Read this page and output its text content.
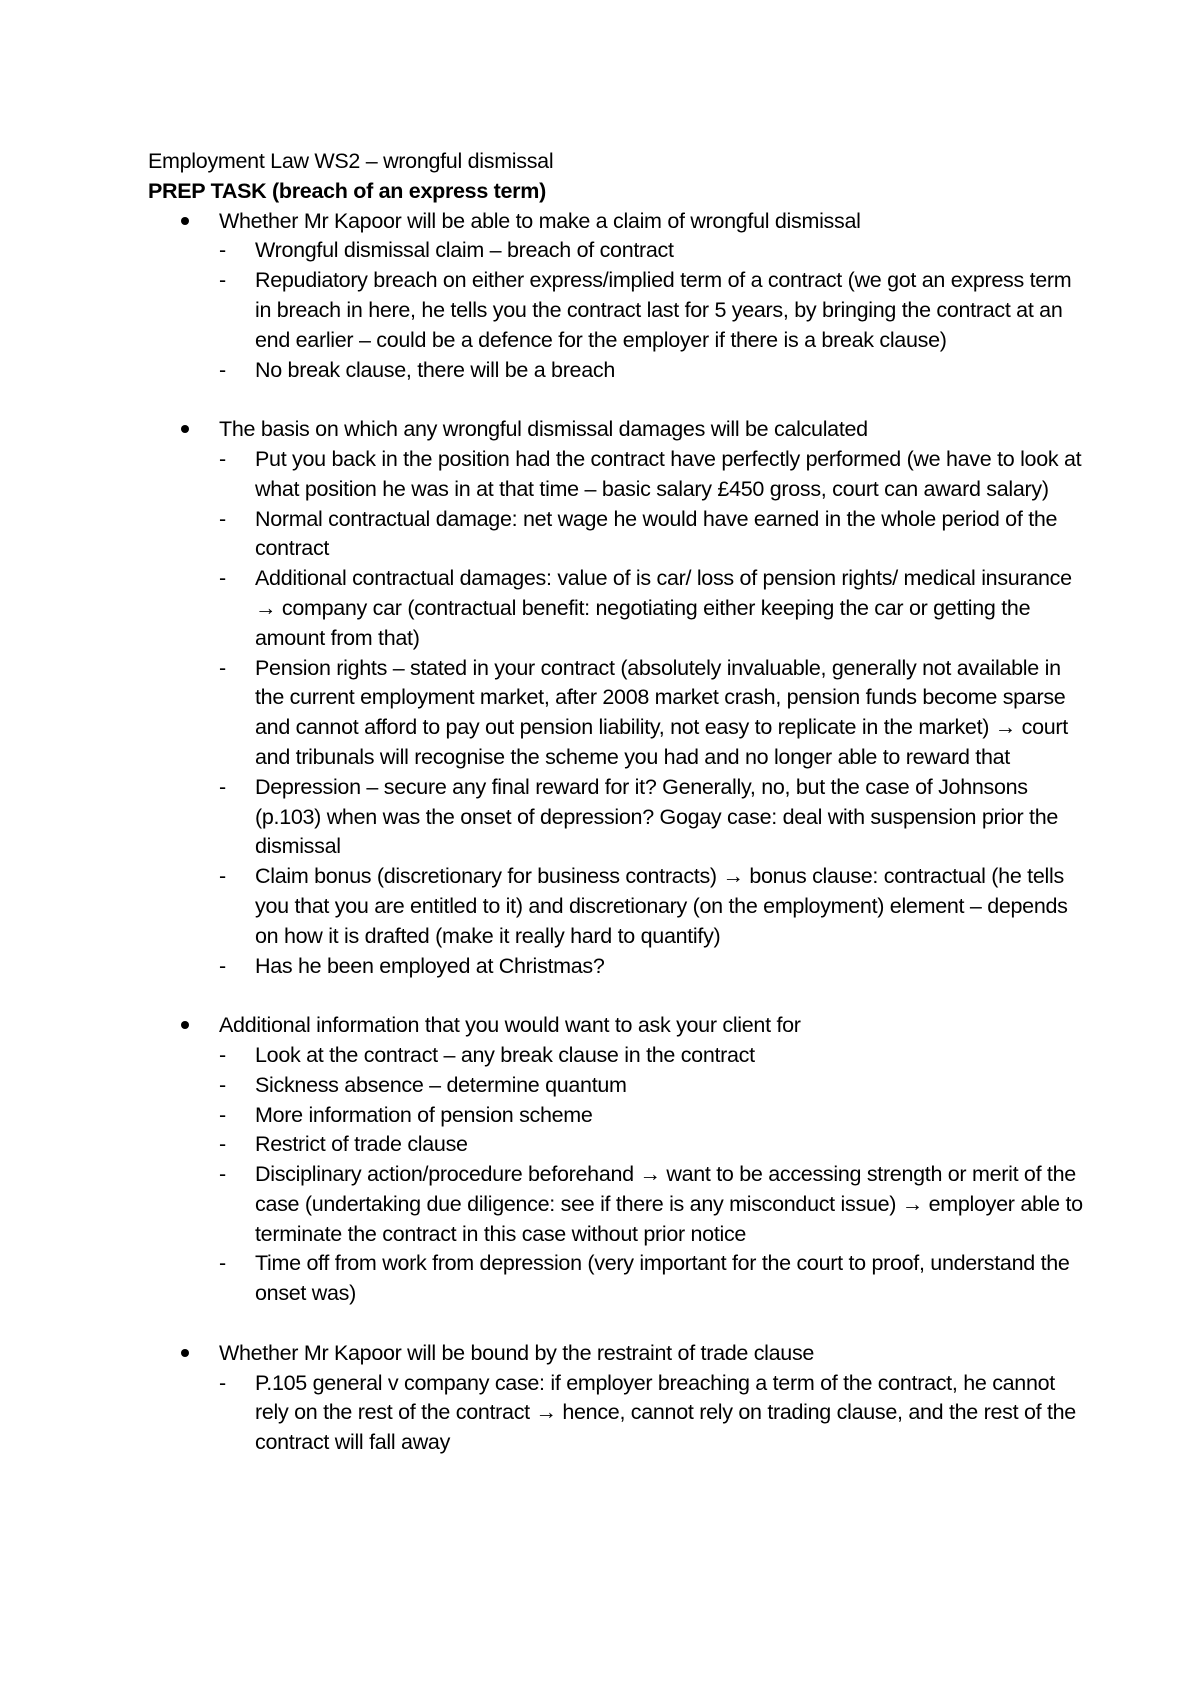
Employment Law WS2 – wrongful dismissal

PREP TASK (breach of an express term)

Whether Mr Kapoor will be able to make a claim of wrongful dismissal
- Wrongful dismissal claim – breach of contract
- Repudiatory breach on either express/implied term of a contract (we got an express term in breach in here, he tells you the contract last for 5 years, by bringing the contract at an end earlier – could be a defence for the employer if there is a break clause)
- No break clause, there will be a breach
The basis on which any wrongful dismissal damages will be calculated
- Put you back in the position had the contract have perfectly performed (we have to look at what position he was in at that time – basic salary £450 gross, court can award salary)
- Normal contractual damage: net wage he would have earned in the whole period of the contract
- Additional contractual damages: value of is car/ loss of pension rights/ medical insurance → company car (contractual benefit: negotiating either keeping the car or getting the amount from that)
- Pension rights – stated in your contract (absolutely invaluable, generally not available in the current employment market, after 2008 market crash, pension funds become sparse and cannot afford to pay out pension liability, not easy to replicate in the market) → court and tribunals will recognise the scheme you had and no longer able to reward that
- Depression – secure any final reward for it? Generally, no, but the case of Johnsons (p.103) when was the onset of depression? Gogay case: deal with suspension prior the dismissal
- Claim bonus (discretionary for business contracts) → bonus clause: contractual (he tells you that you are entitled to it) and discretionary (on the employment) element – depends on how it is drafted (make it really hard to quantify)
- Has he been employed at Christmas?
Additional information that you would want to ask your client for
- Look at the contract – any break clause in the contract
- Sickness absence – determine quantum
- More information of pension scheme
- Restrict of trade clause
- Disciplinary action/procedure beforehand → want to be accessing strength or merit of the case (undertaking due diligence: see if there is any misconduct issue) → employer able to terminate the contract in this case without prior notice
- Time off from work from depression (very important for the court to proof, understand the onset was)
Whether Mr Kapoor will be bound by the restraint of trade clause
- P.105 general v company case: if employer breaching a term of the contract, he cannot rely on the rest of the contract → hence, cannot rely on trading clause, and the rest of the contract will fall away
